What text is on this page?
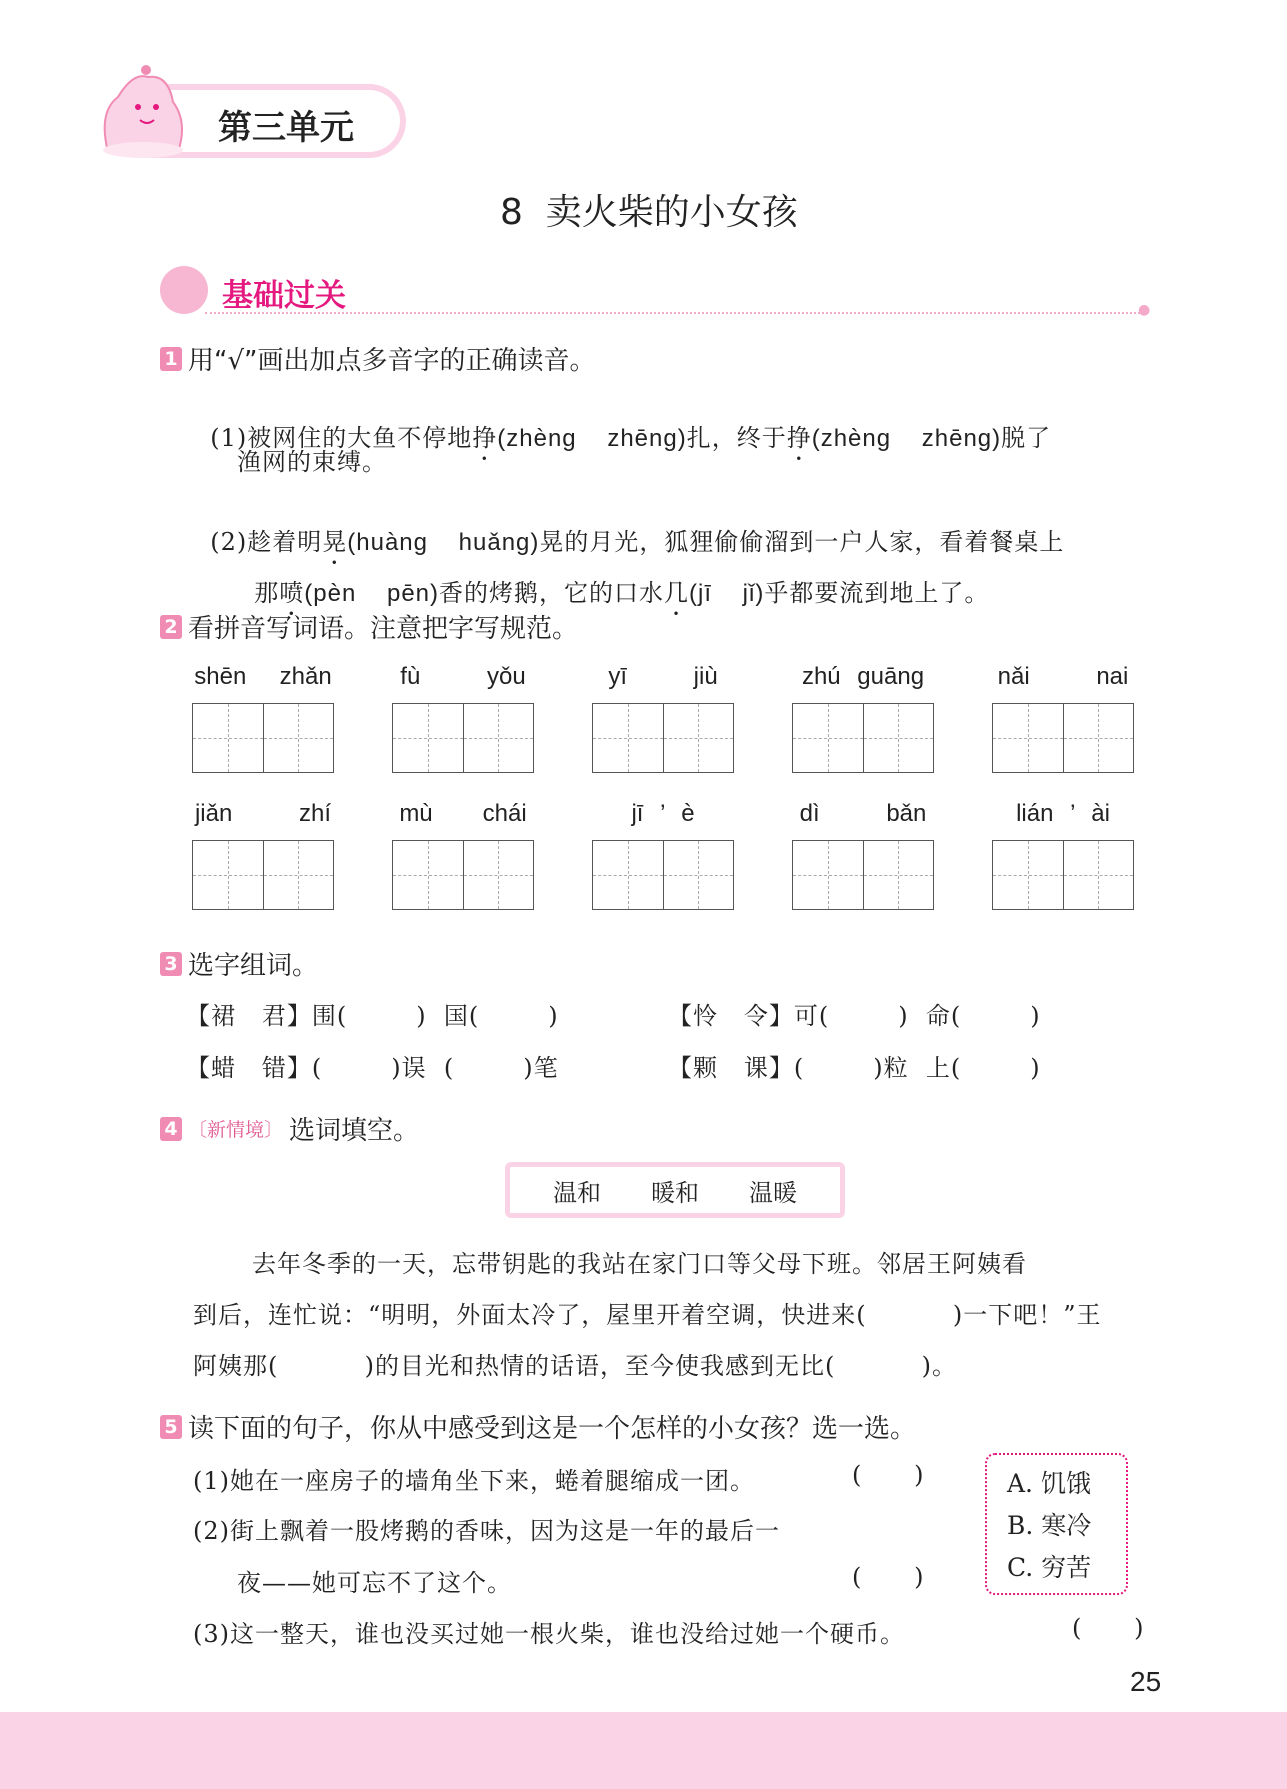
第三单元
8  卖火柴的小女孩
基础过关	●
1 用“√”画出加点多音字的正确读音。

(1)被网住的大鱼不停地挣(zhèng    zhēng)扎，终于挣(zhèng    zhēng)脱了

渔网的束缚。

(2)趁着明晃(huàng    huǎng)晃的月光，狐狸偷偷溜到一户人家，看着餐桌上

那喷(pèn    pēn)香的烤鹅，它的口水几(jī    jǐ)乎都要流到地上了。

2 看拼音写词语。注意把字写规范。
shēn  zhǎn	fù    yǒu	yī    jiù	zhú guāng	nǎi    nai
jiǎn    zhí	mù   chái	jī ’ è	dì    bǎn	lián ’ ài
3 选字组词。
【裙   君】围(        )  国(        )	【怜   令】可(        )  命(        )
【蜡   错】(        )误  (        )笔	【颗   课】(        )粒  上(        )
4 〔新情境〕 选词填空。
温和 暖和 温暖
去年冬季的一天，忘带钥匙的我站在家门口等父母下班。邻居王阿姨看
到后，连忙说：“明明，外面太冷了，屋里开着空调，快进来(          )一下吧！”王
阿姨那(          )的目光和热情的话语，至今使我感到无比(          )。
5 读下面的句子，你从中感受到这是一个怎样的小女孩？选一选。
(1)她在一座房子的墙角坐下来，蜷着腿缩成一团。	(      )
(2)街上飘着一股烤鹅的香味，因为这是一年的最后一
夜——她可忘不了这个。	(      )
(3)这一整天，谁也没买过她一根火柴，谁也没给过她一个硬币。	(      )
A. 饥饿
B. 寒冷
C. 穷苦
25
